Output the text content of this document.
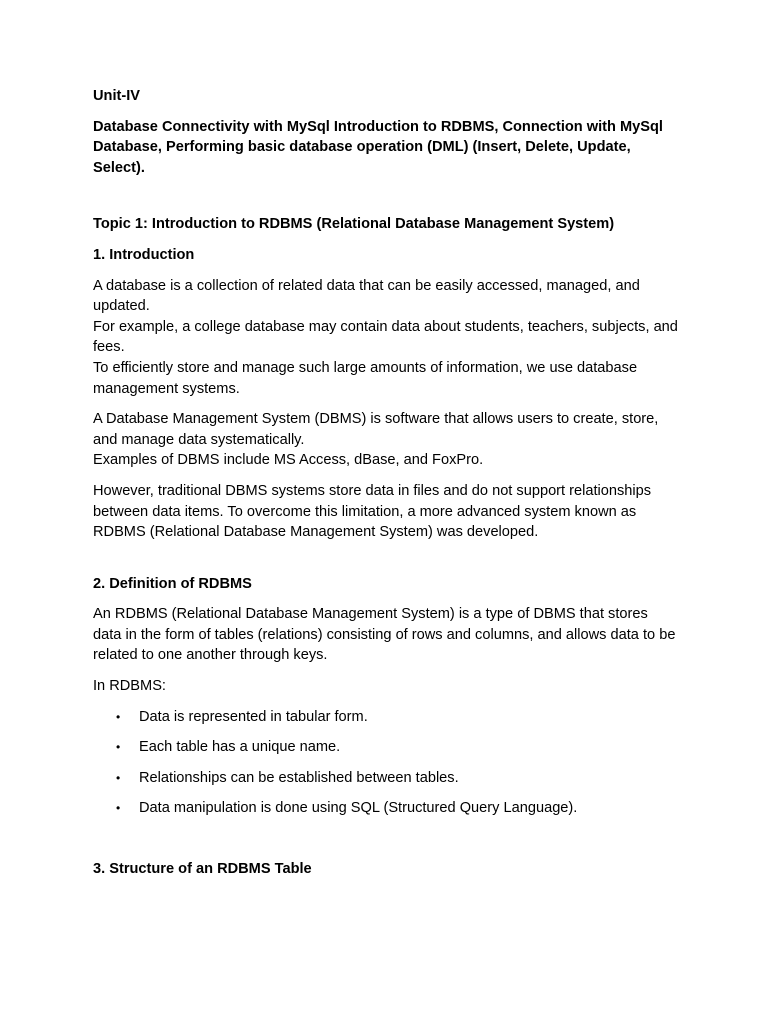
Unit-IV

Database Connectivity with MySql Introduction to RDBMS, Connection with MySql Database, Performing basic database operation (DML) (Insert, Delete, Update, Select).

Topic 1: Introduction to RDBMS (Relational Database Management System)

1. Introduction

A database is a collection of related data that can be easily accessed, managed, and updated.
For example, a college database may contain data about students, teachers, subjects, and fees.
To efficiently store and manage such large amounts of information, we use database management systems.
A Database Management System (DBMS) is software that allows users to create, store, and manage data systematically.
Examples of DBMS include MS Access, dBase, and FoxPro.

However, traditional DBMS systems store data in files and do not support relationships between data items. To overcome this limitation, a more advanced system known as RDBMS (Relational Database Management System) was developed.

2. Definition of RDBMS

An RDBMS (Relational Database Management System) is a type of DBMS that stores data in the form of tables (relations) consisting of rows and columns, and allows data to be related to one another through keys.

In RDBMS:

• Data is represented in tabular form.
• Each table has a unique name.
• Relationships can be established between tables.
• Data manipulation is done using SQL (Structured Query Language).

3. Structure of an RDBMS Table
